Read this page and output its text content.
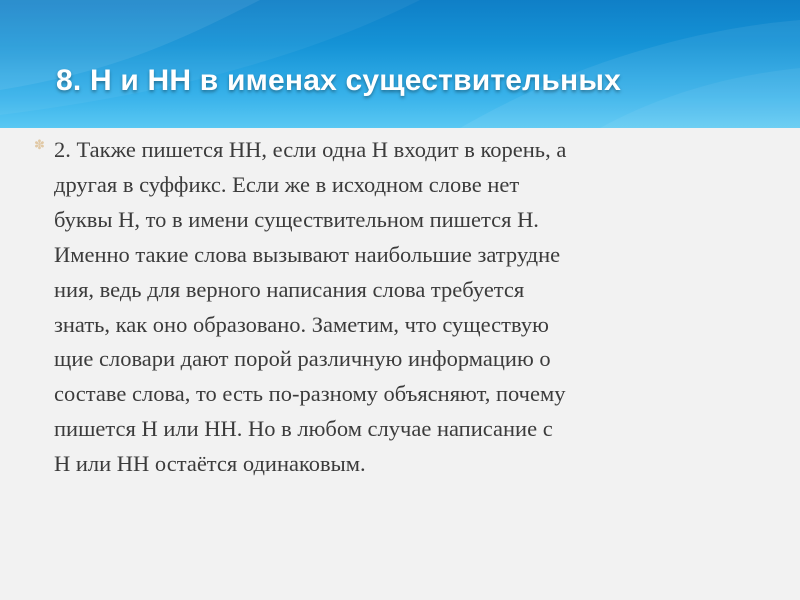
8. Н и НН в именах существительных
✽ 2. Также пишется НН, если одна Н входит в корень, а
другая в суффикс. Если же в исходном слове нет
буквы Н, то в имени существительном пишется Н.
Именно такие слова вызывают наибольшие затрудне
ния, ведь для верного написания слова требуется
знать, как оно образовано. Заметим, что существую
щие словари дают порой различную информацию о
составе слова, то есть по-разному объясняют, почему
пишется Н или НН. Но в любом случае написание с
Н или НН остаётся одинаковым.
